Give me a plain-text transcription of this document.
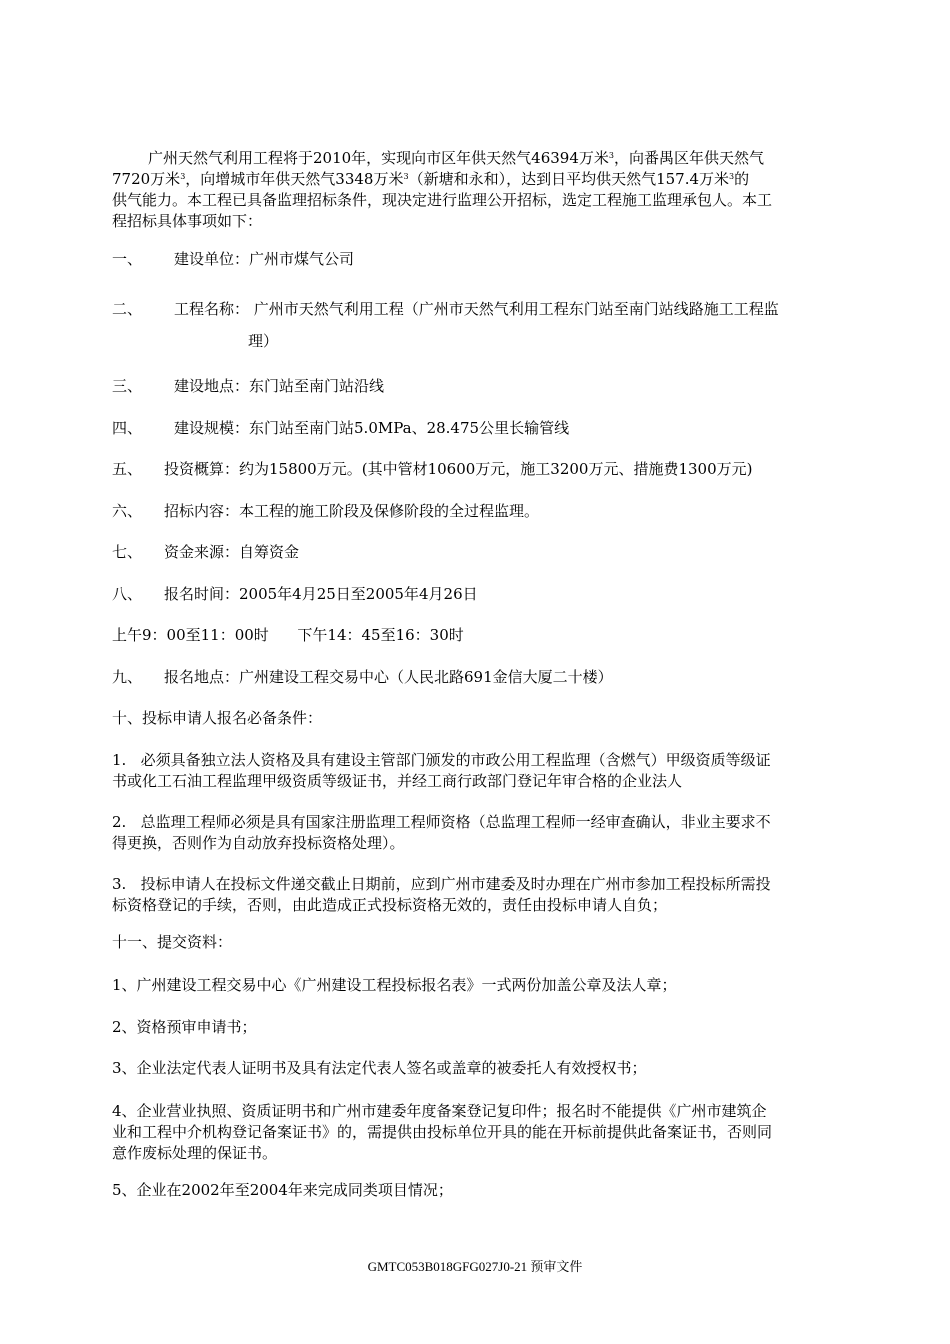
广州天然气利用工程将于2010年，实现向市区年供天然气46394万米$^3$，向番禺区年供天然气
7720万米$^3$，向增城市年供天然气3348万米$^3$（新塘和永和），达到日平均供天然气157.4万米$^3$的
供气能力。本工程已具备监理招标条件，现决定进行监理公开招标，选定工程施工监理承包人。本工
程招标具体事项如下：
一、 建设单位：广州市煤气公司
二、 工程名称： 广州市天然气利用工程（广州市天然气利用工程东门站至南门站线路施工工程监
理）
三、 建设地点：东门站至南门站沿线
四、 建设规模：东门站至南门站5.0MPa、28.475公里长输管线
五、 投资概算：约为15800万元。(其中管材10600万元，施工3200万元、措施费1300万元)
六、 招标内容：本工程的施工阶段及保修阶段的全过程监理。
七、 资金来源：自筹资金
八、 报名时间：2005年4月25日至2005年4月26日
上午9：00至11：00时      下午14：45至16：30时
九、 报名地点：广州建设工程交易中心（人民北路691金信大厦二十楼）
十、投标申请人报名必备条件：
1.   必须具备独立法人资格及具有建设主管部门颁发的市政公用工程监理（含燃气）甲级资质等级证
书或化工石油工程监理甲级资质等级证书，并经工商行政部门登记年审合格的企业法人
2.   总监理工程师必须是具有国家注册监理工程师资格（总监理工程师一经审查确认，非业主要求不
得更换，否则作为自动放弃投标资格处理）。
3.   投标申请人在投标文件递交截止日期前，应到广州市建委及时办理在广州市参加工程投标所需投
标资格登记的手续，否则，由此造成正式投标资格无效的，责任由投标申请人自负；
十一、提交资料：
1、广州建设工程交易中心《广州建设工程投标报名表》一式两份加盖公章及法人章；
2、资格预审申请书；
3、企业法定代表人证明书及具有法定代表人签名或盖章的被委托人有效授权书；
4、企业营业执照、资质证明书和广州市建委年度备案登记复印件；报名时不能提供《广州市建筑企
业和工程中介机构登记备案证书》的，需提供由投标单位开具的能在开标前提供此备案证书，否则同
意作废标处理的保证书。
5、企业在2002年至2004年来完成同类项目情况；
GMTC053B018GFG027J0-21 预审文件
